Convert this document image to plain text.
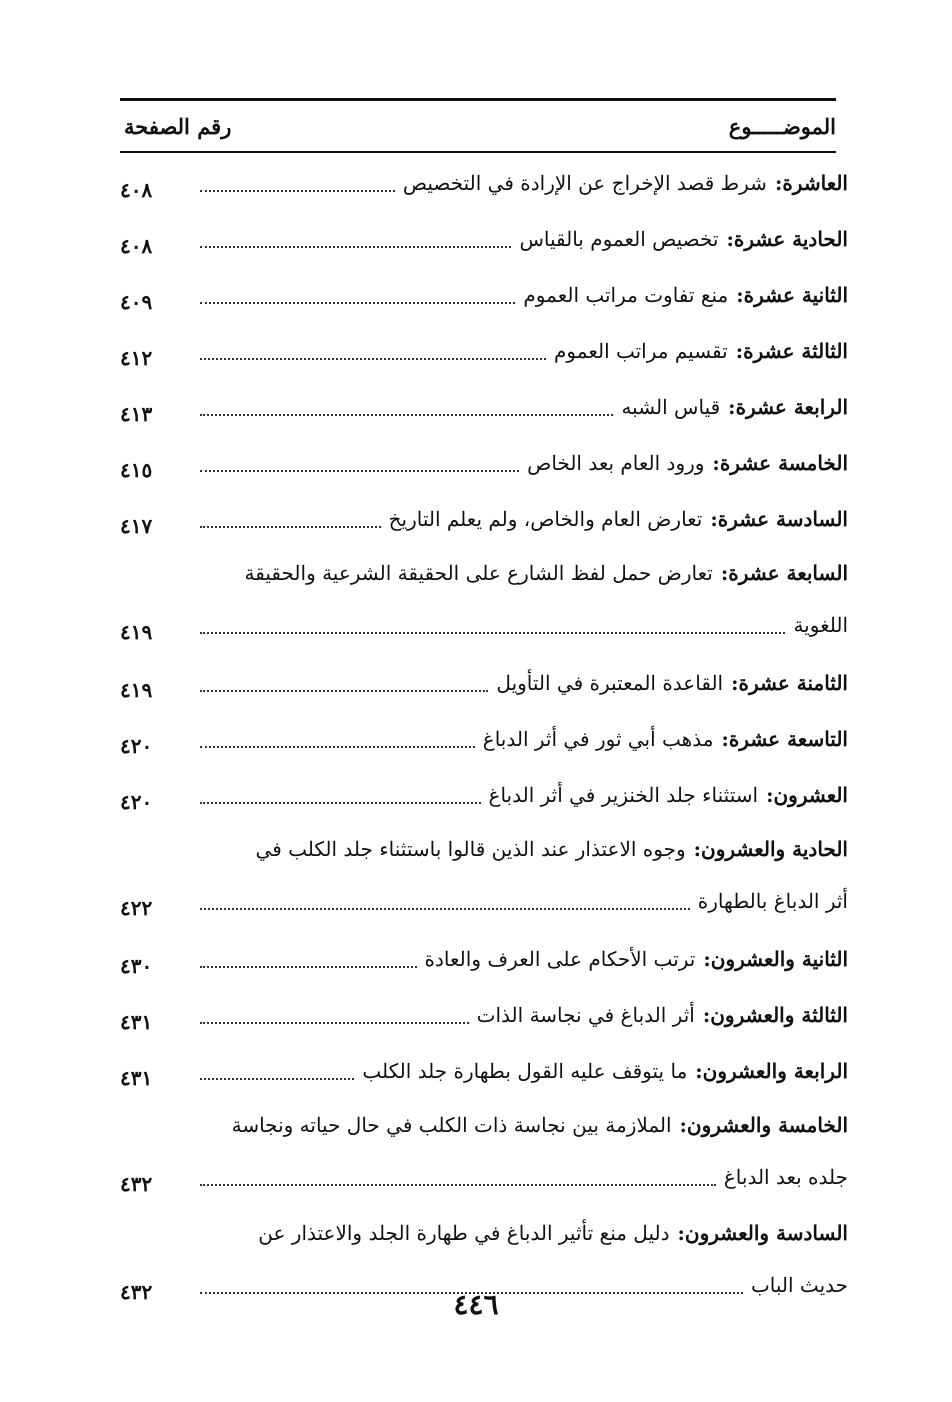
الموضـــــوع
رقم الصفحة
العاشرة
:
شرط قصد الإخراج عن الإرادة في التخصيص
٤٠٨
الحادية عشرة
:
تخصيص العموم بالقياس
٤٠٨
الثانية عشرة
:
منع تفاوت مراتب العموم
٤٠٩
الثالثة عشرة
:
تقسيم مراتب العموم
٤١٢
الرابعة عشرة
:
قياس الشبه
٤١٣
الخامسة عشرة
:
ورود العام بعد الخاص
٤١٥
السادسة عشرة
:
تعارض العام والخاص، ولم يعلم التاريخ
٤١٧
السابعة عشرة
:
تعارض حمل لفظ الشارع على الحقيقة الشرعية والحقيقة
اللغوية
٤١٩
الثامنة عشرة
:
القاعدة المعتبرة في التأويل
٤١٩
التاسعة عشرة
:
مذهب أبي ثور في أثر الدباغ
٤٢٠
العشرون
:
استثناء جلد الخنزير في أثر الدباغ
٤٢٠
الحادية والعشرون
:
وجوه الاعتذار عند الذين قالوا باستثناء جلد الكلب في
أثر الدباغ بالطهارة
٤٢٢
الثانية والعشرون
:
ترتب الأحكام على العرف والعادة
٤٣٠
الثالثة والعشرون
:
أثر الدباغ في نجاسة الذات
٤٣١
الرابعة والعشرون
:
ما يتوقف عليه القول بطهارة جلد الكلب
٤٣١
الخامسة والعشرون
:
الملازمة بين نجاسة ذات الكلب في حال حياته ونجاسة
جلده بعد الدباغ
٤٣٢
السادسة والعشرون
:
دليل منع تأثير الدباغ في طهارة الجلد والاعتذار عن
حديث الباب
٤٣٢	٤٤٦
